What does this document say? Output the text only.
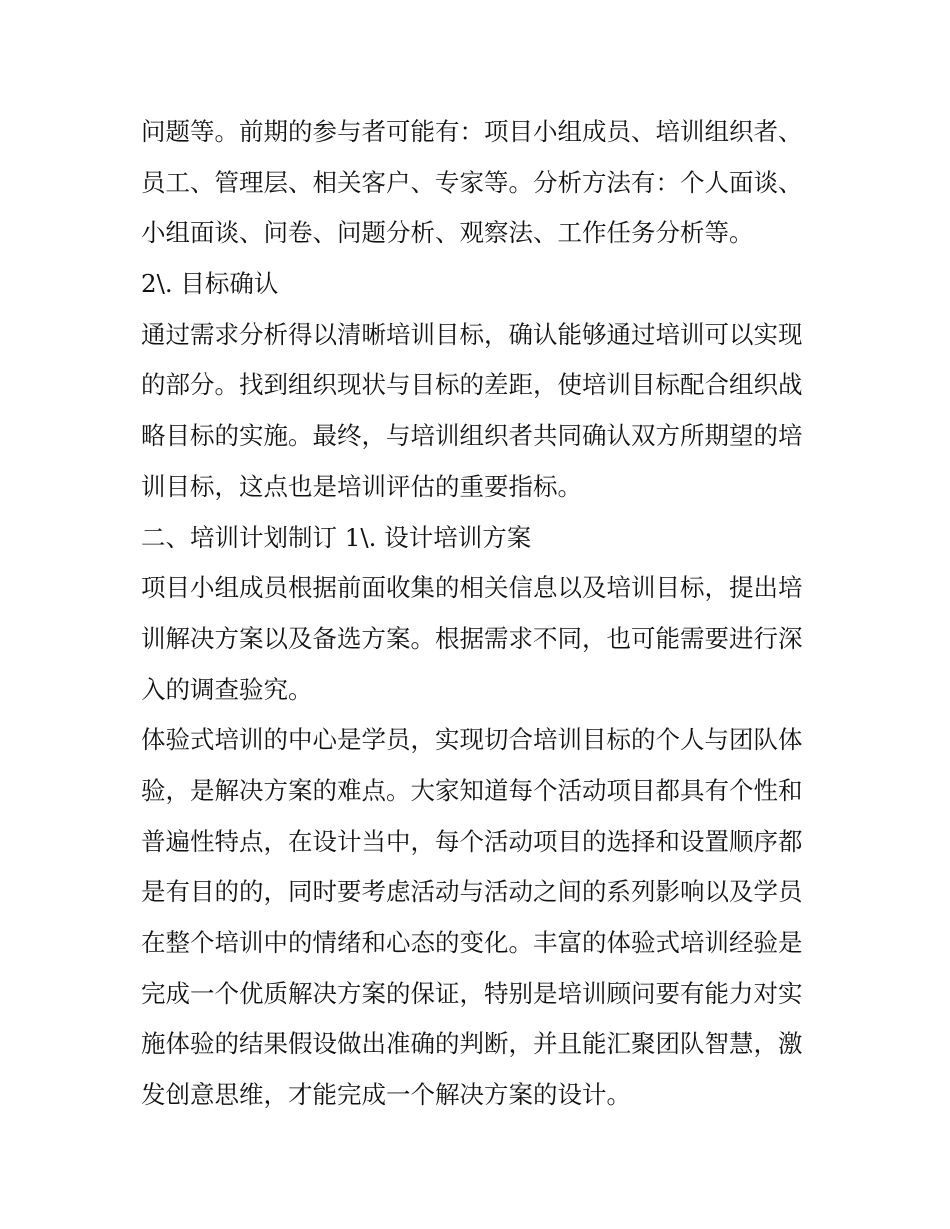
问题等。前期的参与者可能有：项目小组成员、培训组织者、
员工、管理层、相关客户、专家等。分析方法有：个人面谈、
小组面谈、问卷、问题分析、观察法、工作任务分析等。
2\. 目标确认
通过需求分析得以清晰培训目标，确认能够通过培训可以实现
的部分。找到组织现状与目标的差距，使培训目标配合组织战
略目标的实施。最终，与培训组织者共同确认双方所期望的培
训目标，这点也是培训评估的重要指标。
二、培训计划制订 1\. 设计培训方案
项目小组成员根据前面收集的相关信息以及培训目标，提出培
训解决方案以及备选方案。根据需求不同，也可能需要进行深
入的调查验究。
体验式培训的中心是学员，实现切合培训目标的个人与团队体
验，是解决方案的难点。大家知道每个活动项目都具有个性和
普遍性特点，在设计当中，每个活动项目的选择和设置顺序都
是有目的的，同时要考虑活动与活动之间的系列影响以及学员
在整个培训中的情绪和心态的变化。丰富的体验式培训经验是
完成一个优质解决方案的保证，特别是培训顾问要有能力对实
施体验的结果假设做出准确的判断，并且能汇聚团队智慧，激
发创意思维，才能完成一个解决方案的设计。
